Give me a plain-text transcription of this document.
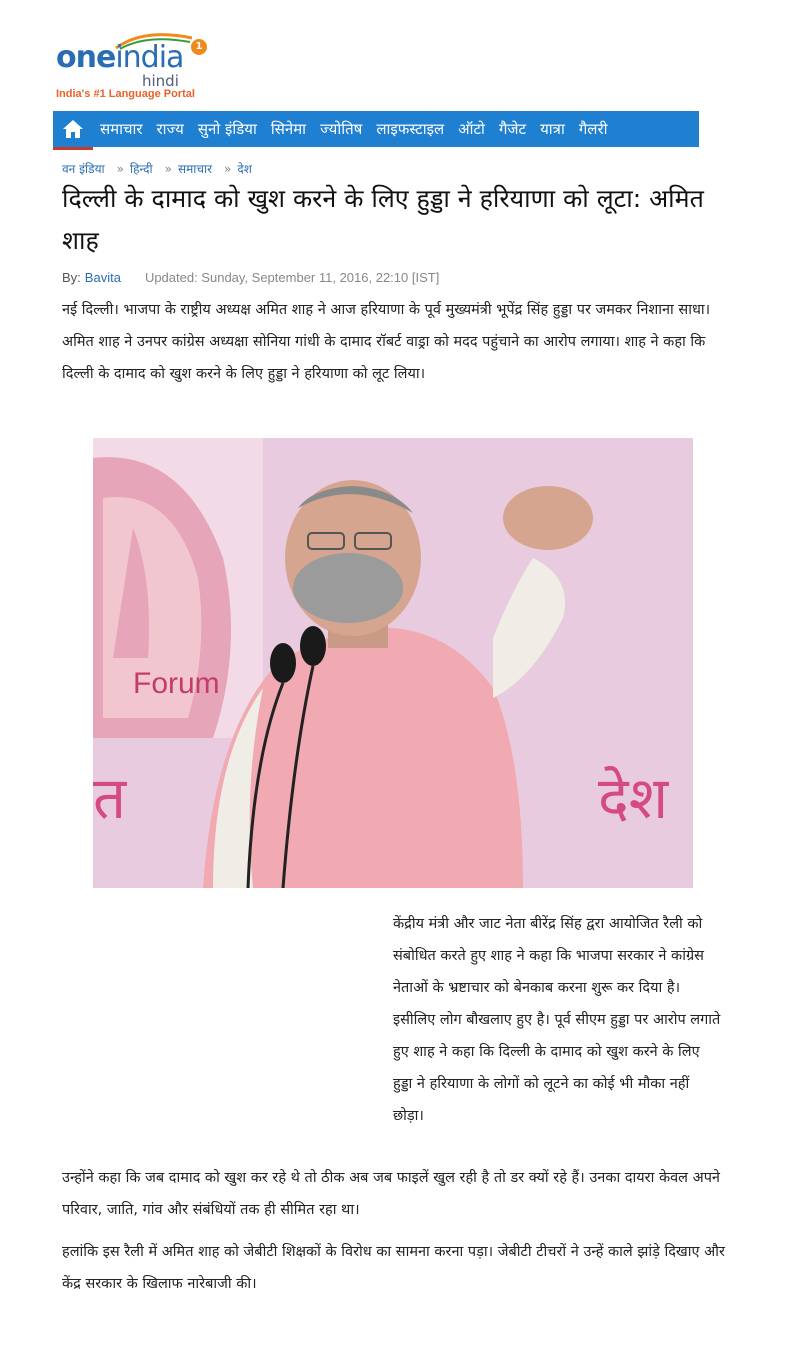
oneindia	1
hindi
India's #1 Language Portal
समाचार राज्य सुनो इंडिया सिनेमा ज्योतिष लाइफस्टाइल ऑटो गैजेट यात्रा गैलरी
वन इंडिया » हिन्दी » समाचार » देश
दिल्ली के दामाद को खुश करने के लिए हुड्डा ने हरियाणा को लूटा: अमित शाह
By: Bavita Updated: Sunday, September 11, 2016, 22:10 [IST]

नई दिल्ली। भाजपा के राष्ट्रीय अध्यक्ष अमित शाह ने आज हरियाणा के पूर्व मुख्यमंत्री भूपेंद्र सिंह हुड्डा पर जमकर निशाना साधा। अमित शाह ने उनपर कांग्रेस अध्यक्षा सोनिया गांधी के दामाद रॉबर्ट वाड्रा को मदद पहुंचाने का आरोप लगाया। शाह ने कहा कि दिल्ली के दामाद को खुश करने के लिए हुड्डा ने हरियाणा को लूट लिया।

Forum
त	देश

केंद्रीय मंत्री और जाट नेता बीरेंद्र सिंह द्वरा आयोजित रैली को संबोधित करते हुए शाह ने कहा कि भाजपा सरकार ने कांग्रेस नेताओं के भ्रष्टाचार को बेनकाब करना शुरू कर दिया है। इसीलिए लोग बौखलाए हुए है। पूर्व सीएम हुड्डा पर आरोप लगाते हुए शाह ने कहा कि दिल्ली के दामाद को खुश करने के लिए हुड्डा ने हरियाणा के लोगों को लूटने का कोई भी मौका नहीं छोड़ा।

उन्होंने कहा कि जब दामाद को खुश कर रहे थे तो ठीक अब जब फाइलें खुल रही है तो डर क्यों रहे हैं। उनका दायरा केवल अपने परिवार, जाति, गांव और संबंधियों तक ही सीमित रहा था।

हलांकि इस रैली में अमित शाह को जेबीटी शिक्षकों के विरोध का सामना करना पड़ा। जेबीटी टीचरों ने उन्हें काले झांड़े दिखाए और केंद्र सरकार के खिलाफ नारेबाजी की।
